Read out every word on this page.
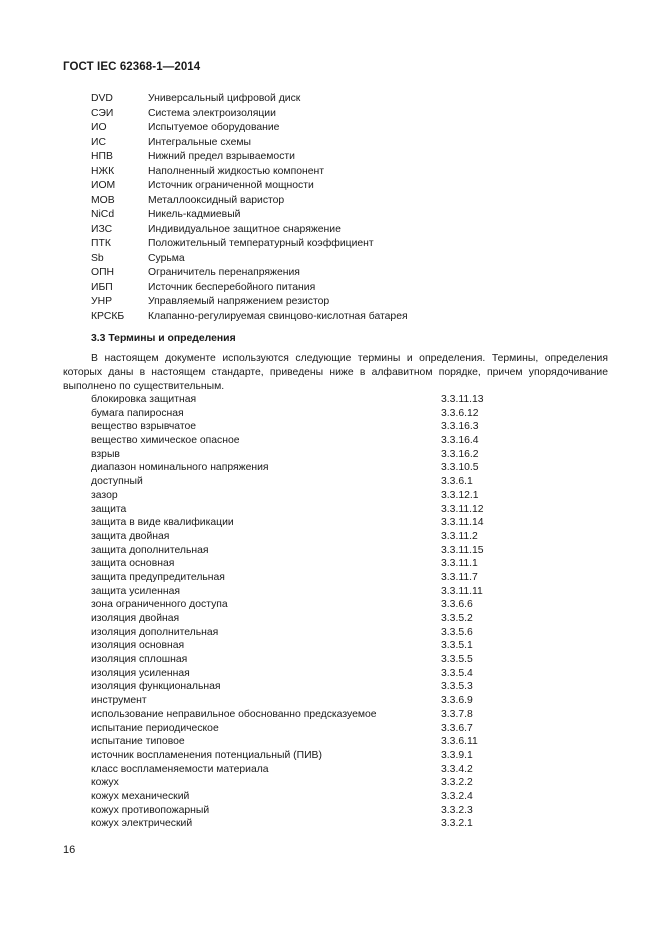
ГОСТ IEC 62368-1—2014
DVD	Универсальный цифровой диск
СЭИ	Система электроизоляции
ИО	Испытуемое оборудование
ИС	Интегральные схемы
НПВ	Нижний предел взрываемости
НЖК	Наполненный жидкостью компонент
ИОМ	Источник ограниченной мощности
МОВ	Металлооксидный варистор
NiCd	Никель-кадмиевый
ИЗС	Индивидуальное защитное снаряжение
ПТК	Положительный температурный коэффициент
Sb	Сурьма
ОПН	Ограничитель перенапряжения
ИБП	Источник бесперебойного питания
УНР	Управляемый напряжением резистор
КРСКБ Клапанно-регулируемая свинцово-кислотная батарея
3.3 Термины и определения
В настоящем документе используются следующие термины и определения. Термины, определения которых даны в настоящем стандарте, приведены ниже в алфавитном порядке, причем упорядочивание выполнено по существительным.
блокировка защитная	3.3.11.13
бумага папиросная	3.3.6.12
вещество взрывчатое	3.3.16.3
вещество химическое опасное	3.3.16.4
взрыв	3.3.16.2
диапазон номинального напряжения	3.3.10.5
доступный	3.3.6.1
зазор	3.3.12.1
защита	3.3.11.12
защита в виде квалификации	3.3.11.14
защита двойная	3.3.11.2
защита дополнительная	3.3.11.15
защита основная	3.3.11.1
защита предупредительная	3.3.11.7
защита усиленная	3.3.11.11
зона ограниченного доступа	3.3.6.6
изоляция двойная	3.3.5.2
изоляция дополнительная	3.3.5.6
изоляция основная	3.3.5.1
изоляция сплошная	3.3.5.5
изоляция усиленная	3.3.5.4
изоляция функциональная	3.3.5.3
инструмент	3.3.6.9
использование неправильное обоснованно предсказуемое	3.3.7.8
испытание периодическое	3.3.6.7
испытание типовое	3.3.6.11
источник воспламенения потенциальный (ПИВ)	3.3.9.1
класс воспламеняемости материала	3.3.4.2
кожух	3.3.2.2
кожух механический	3.3.2.4
кожух противопожарный	3.3.2.3
кожух электрический	3.3.2.1
16
